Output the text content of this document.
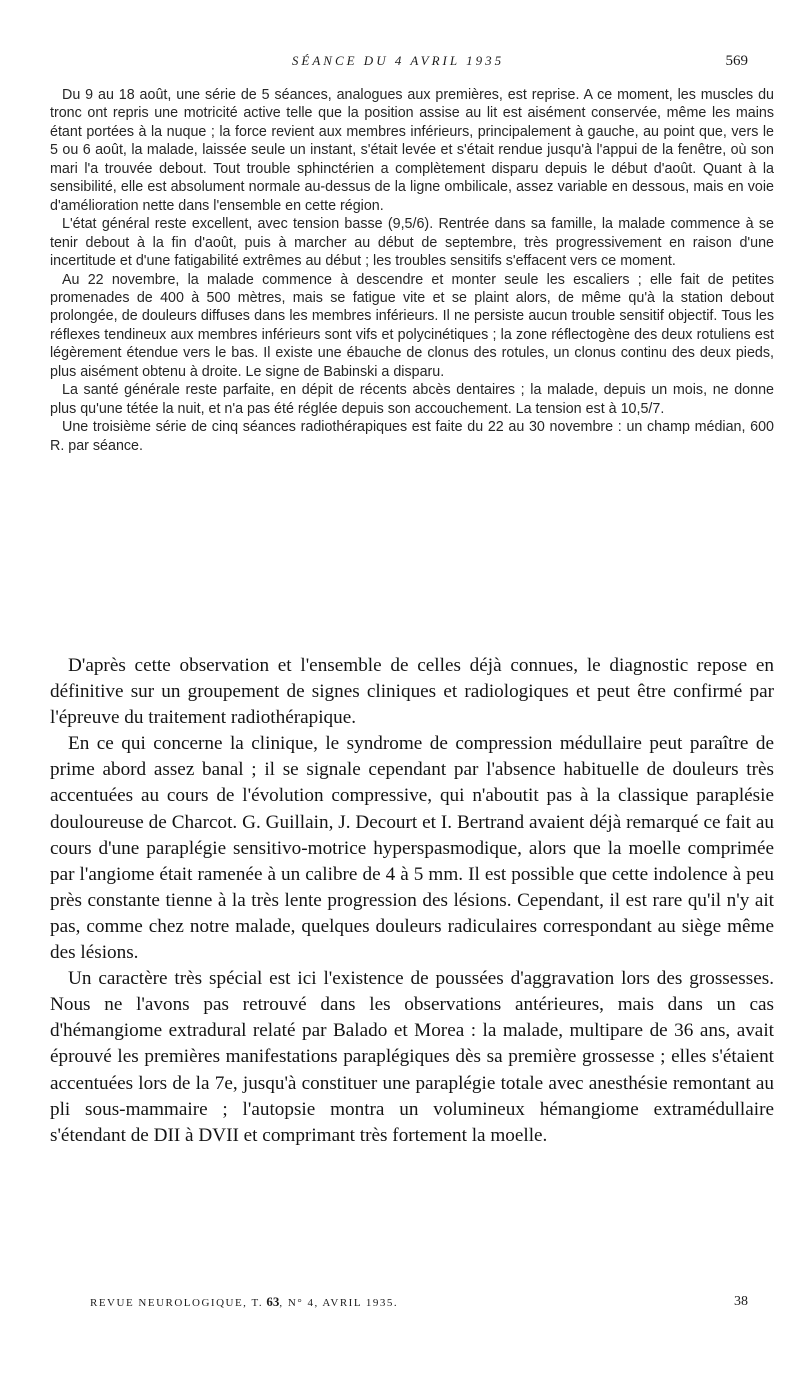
SÉANCE DU 4 AVRIL 1935	569

Du 9 au 18 août, une série de 5 séances, analogues aux premières, est reprise. A ce moment, les muscles du tronc ont repris une motricité active telle que la position assise au lit est aisément conservée, même les mains étant portées à la nuque ; la force revient aux membres inférieurs, principalement à gauche, au point que, vers le 5 ou 6 août, la malade, laissée seule un instant, s'était levée et s'était rendue jusqu'à l'appui de la fenêtre, où son mari l'a trouvée debout. Tout trouble sphinctérien a complètement disparu depuis le début d'août. Quant à la sensibilité, elle est absolument normale au-dessus de la ligne ombilicale, assez variable en dessous, mais en voie d'amélioration nette dans l'ensemble en cette région.

L'état général reste excellent, avec tension basse (9,5/6). Rentrée dans sa famille, la malade commence à se tenir debout à la fin d'août, puis à marcher au début de septembre, très progressivement en raison d'une incertitude et d'une fatigabilité extrêmes au début ; les troubles sensitifs s'effacent vers ce moment.

Au 22 novembre, la malade commence à descendre et monter seule les escaliers ; elle fait de petites promenades de 400 à 500 mètres, mais se fatigue vite et se plaint alors, de même qu'à la station debout prolongée, de douleurs diffuses dans les membres inférieurs. Il ne persiste aucun trouble sensitif objectif. Tous les réflexes tendineux aux membres inférieurs sont vifs et polycinétiques ; la zone réflectogène des deux rotuliens est légèrement étendue vers le bas. Il existe une ébauche de clonus des rotules, un clonus continu des deux pieds, plus aisément obtenu à droite. Le signe de Babinski a disparu.

La santé générale reste parfaite, en dépit de récents abcès dentaires ; la malade, depuis un mois, ne donne plus qu'une tétée la nuit, et n'a pas été réglée depuis son accouchement. La tension est à 10,5/7.

Une troisième série de cinq séances radiothérapiques est faite du 22 au 30 novembre : un champ médian, 600 R. par séance.

D'après cette observation et l'ensemble de celles déjà connues, le diagnostic repose en définitive sur un groupement de signes cliniques et radiologiques et peut être confirmé par l'épreuve du traitement radiothérapique.

En ce qui concerne la clinique, le syndrome de compression médullaire peut paraître de prime abord assez banal ; il se signale cependant par l'absence habituelle de douleurs très accentuées au cours de l'évolution compressive, qui n'aboutit pas à la classique paraplésie douloureuse de Charcot. G. Guillain, J. Decourt et I. Bertrand avaient déjà remarqué ce fait au cours d'une paraplégie sensitivo-motrice hyperspasmodique, alors que la moelle comprimée par l'angiome était ramenée à un calibre de 4 à 5 mm. Il est possible que cette indolence à peu près constante tienne à la très lente progression des lésions. Cependant, il est rare qu'il n'y ait pas, comme chez notre malade, quelques douleurs radiculaires correspondant au siège même des lésions.

Un caractère très spécial est ici l'existence de poussées d'aggravation lors des grossesses. Nous ne l'avons pas retrouvé dans les observations antérieures, mais dans un cas d'hémangiome extradural relaté par Balado et Morea : la malade, multipare de 36 ans, avait éprouvé les premières manifestations paraplégiques dès sa première grossesse ; elles s'étaient accentuées lors de la 7e, jusqu'à constituer une paraplégie totale avec anesthésie remontant au pli sous-mammaire ; l'autopsie montra un volumineux hémangiome extramédullaire s'étendant de DII à DVII et comprimant très fortement la moelle.

REVUE NEUROLOGIQUE, T. 63, N° 4, AVRIL 1935.	38
